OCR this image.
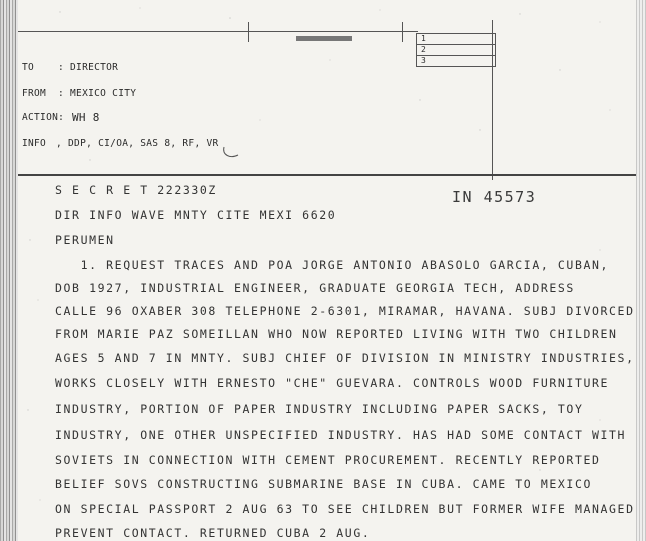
1
2
3
TO	: DIRECTOR
FROM : MEXICO CITY
ACTION: WH 8
INFO , DDP, CI/OA, SAS 8, RF, VR
S E C R E T 222330Z	IN 45573
DIR INFO WAVE MNTY CITE MEXI 6620
PERUMEN
1. REQUEST TRACES AND POA JORGE ANTONIO ABASOLO GARCIA, CUBAN,
DOB 1927, INDUSTRIAL ENGINEER, GRADUATE GEORGIA TECH, ADDRESS
CALLE 96 OXABER 308 TELEPHONE 2-6301, MIRAMAR, HAVANA. SUBJ DIVORCED
FROM MARIE PAZ SOMEILLAN WHO NOW REPORTED LIVING WITH TWO CHILDREN
AGES 5 AND 7 IN MNTY. SUBJ CHIEF OF DIVISION IN MINISTRY INDUSTRIES,
WORKS CLOSELY WITH ERNESTO "CHE" GUEVARA. CONTROLS WOOD FURNITURE
INDUSTRY, PORTION OF PAPER INDUSTRY INCLUDING PAPER SACKS, TOY
INDUSTRY, ONE OTHER UNSPECIFIED INDUSTRY. HAS HAD SOME CONTACT WITH
SOVIETS IN CONNECTION WITH CEMENT PROCUREMENT. RECENTLY REPORTED
BELIEF SOVS CONSTRUCTING SUBMARINE BASE IN CUBA. CAME TO MEXICO
ON SPECIAL PASSPORT 2 AUG 63 TO SEE CHILDREN BUT FORMER WIFE MANAGED
PREVENT CONTACT. RETURNED CUBA 2 AUG.
